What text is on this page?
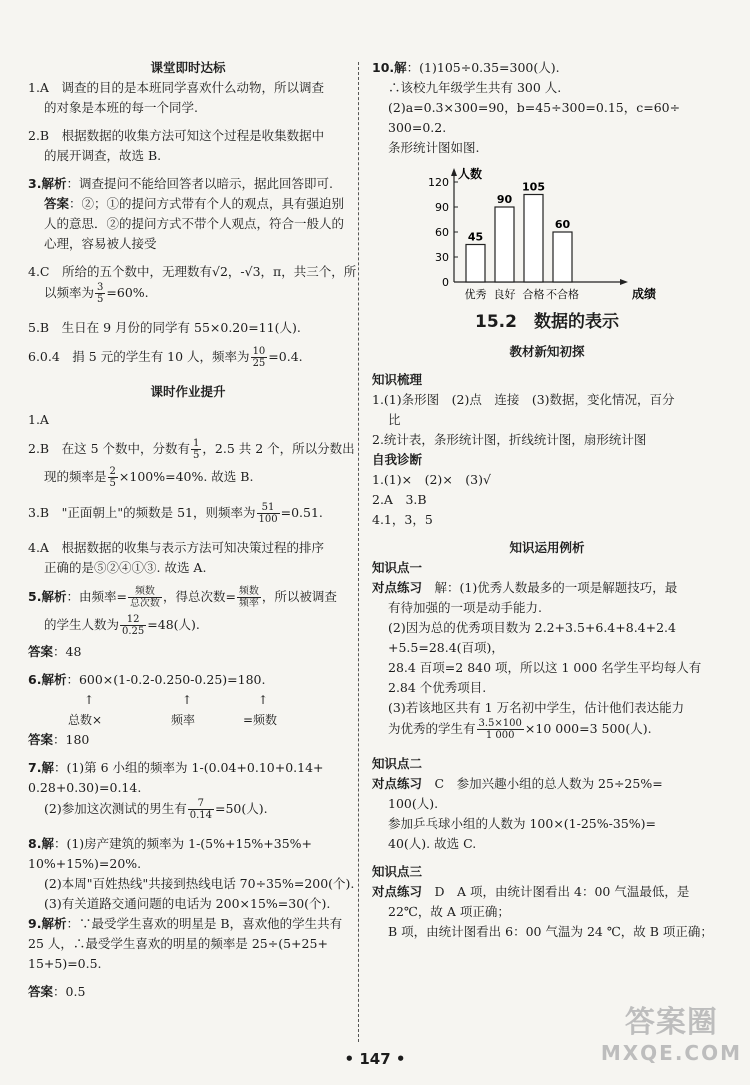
课堂即时达标
1.A　调查的目的是本班同学喜欢什么动物，所以调查
的对象是本班的每一个同学.
2.B　根据数据的收集方法可知这个过程是收集数据中
的展开调查，故选 B.
3.解析：调查提问不能给回答者以暗示，据此回答即可.
答案：②；①的提问方式带有个人的观点，具有强迫别
人的意思．②的提问方式不带个人观点，符合一般人的
心理，容易被人接受
4.C　所给的五个数中，无理数有√2，-√3，π，共三个，所
以频率为 $\frac{3}{5} =60\%$.
5.B　生日在 9 月份的同学有 55×0.20=11(人).
6.0.4　捐 5 元的学生有 10 人，频率为 $\frac{10}{25} =0.4$.
课时作业提升
1.A
2.B　在这 5 个数中，分数有 $\frac{1}{5}$ ，2.5 共 2 个，所以分数出
现的频率是 $\frac{2}{5} \times 100\%=40\%$. 故选 B.
3.B　"正面朝上"的频数是 51，则频率为 $\frac{51}{100} =0.51$.
4.A　根据数据的收集与表示方法可知决策过程的排序
正确的是⑤②④①③. 故选 A.
5.解析：由频率= $\frac{\text{频数}}{\text{总次数}}$ ，得总次数= $\frac{\text{频数}}{\text{频率}}$ ，所以被调查
的学生人数为 $\frac{12}{0.25} =48$(人).
答案：48
6.解析：600×(1-0.2-0.250-0.25)=180.
↑	↑	↑
总数×	频率	=频数
答案：180
7.解：(1)第 6 小组的频率为 1-(0.04+0.10+0.14+
0.28+0.30)=0.14.
(2)参加这次测试的男生有 $\frac{7}{0.14} =50$(人).
8.解：(1)房产建筑的频率为 1-(5%+15%+35%+
10%+15%)=20%.
(2)本周"百姓热线"共接到热线电话 70÷35%=200(个).
(3)有关道路交通问题的电话为 200×15%=30(个).
9.解析：∵最受学生喜欢的明星是 B，喜欢他的学生共有
25 人，∴最受学生喜欢的明星的频率是 25÷(5+25+
15+5)=0.5.
答案：0.5
10.解：(1)105÷0.35=300(人).
∴该校九年级学生共有 300 人.
(2)a=0.3×300=90，b=45÷300=0.15，c=60÷
300=0.2.
条形统计图如图.
人数
成绩
120
90
60
30
0
45
优秀
90
良好
105
合格
60
不合格
15.2　数据的表示
教材新知初探
知识梳理
1.(1)条形图　(2)点　连接　(3)数据，变化情况，百分
比
2.统计表，条形统计图，折线统计图，扇形统计图
自我诊断
1.(1)×　(2)×　(3)√
2.A　3.B
4.1，3，5
知识运用例析
知识点一
对点练习　解：(1)优秀人数最多的一项是解题技巧，最
有待加强的一项是动手能力.
(2)因为总的优秀项目数为 2.2+3.5+6.4+8.4+2.4
+5.5=28.4(百项)，
28.4 百项=2 840 项，所以这 1 000 名学生平均每人有
2.84 个优秀项目.
(3)若该地区共有 1 万名初中学生，估计他们表达能力
为优秀的学生有 $\frac{3.5\times 100}{1 000} \times 10$ 000=3 500(人).
知识点二
对点练习　C　参加兴趣小组的总人数为 25÷25%=
100(人).
参加乒乓球小组的人数为 100×(1-25%-35%)=
40(人). 故选 C.
知识点三
对点练习　D　A 项，由统计图看出 4：00 气温最低，是
22℃，故 A 项正确；
B 项，由统计图看出 6：00 气温为 24 ℃，故 B 项正确；
• 147 •
答案圈
MXQE.COM
